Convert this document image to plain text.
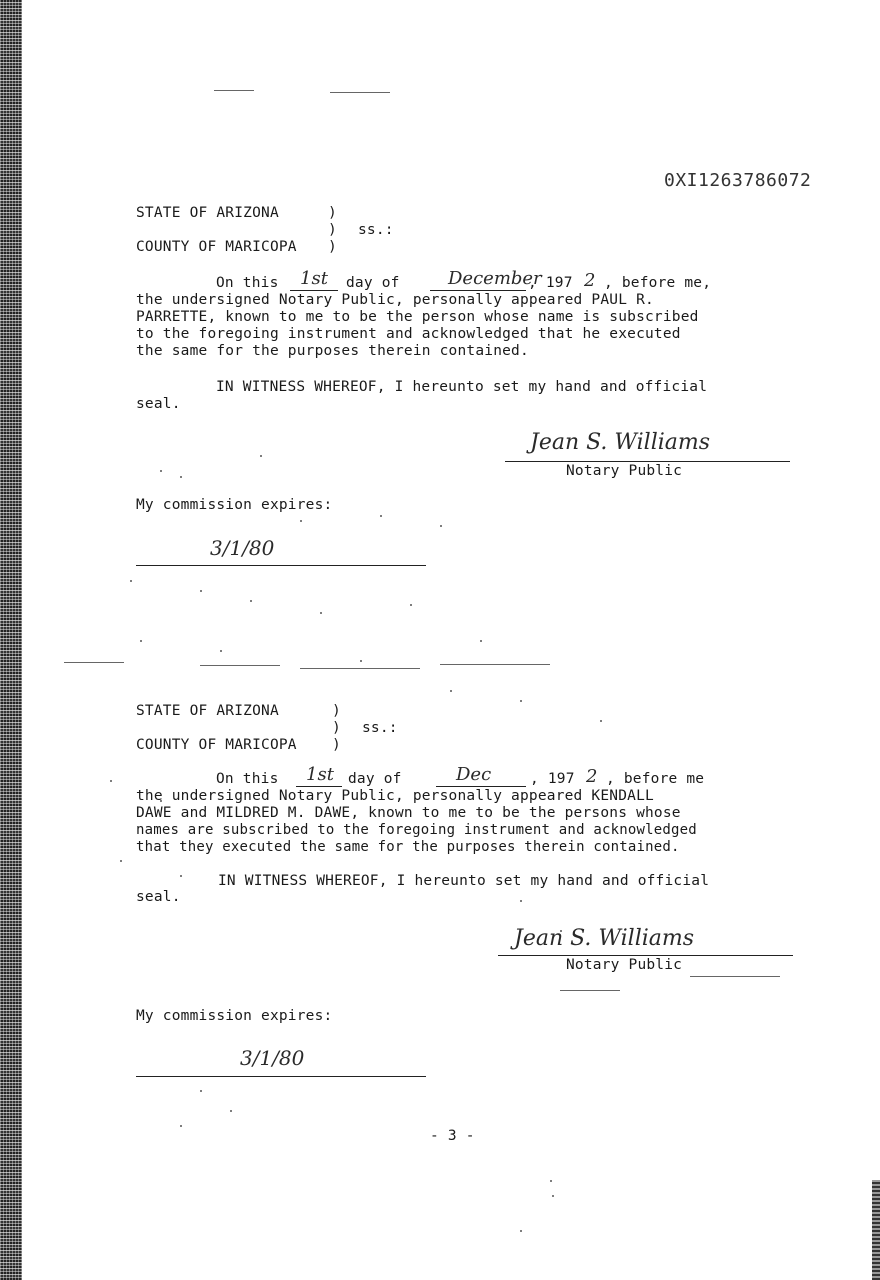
0XI1263786072
STATE OF ARIZONA	)
) ss.:
COUNTY OF MARICOPA )
On this 1st day of	December
, 197 2 , before me,
the undersigned Notary Public, personally appeared PAUL R.
PARRETTE, known to me to be the person whose name is subscribed
to the foregoing instrument and acknowledged that he executed
the same for the purposes therein contained.
IN WITNESS WHEREOF, I hereunto set my hand and official
seal.
Jean S. Williams
Notary Public
My commission expires:
3/1/80
STATE OF ARIZONA	)
) ss.:
COUNTY OF MARICOPA )
On this 1st day of	Dec	, 197 2 , before me
the undersigned Notary Public, personally appeared KENDALL
DAWE and MILDRED M. DAWE, known to me to be the persons whose
names are subscribed to the foregoing instrument and acknowledged
that they executed the same for the purposes therein contained.
IN WITNESS WHEREOF, I hereunto set my hand and official
seal.
Jean S. Williams
Notary Public
My commission expires:
3/1/80
- 3 -
